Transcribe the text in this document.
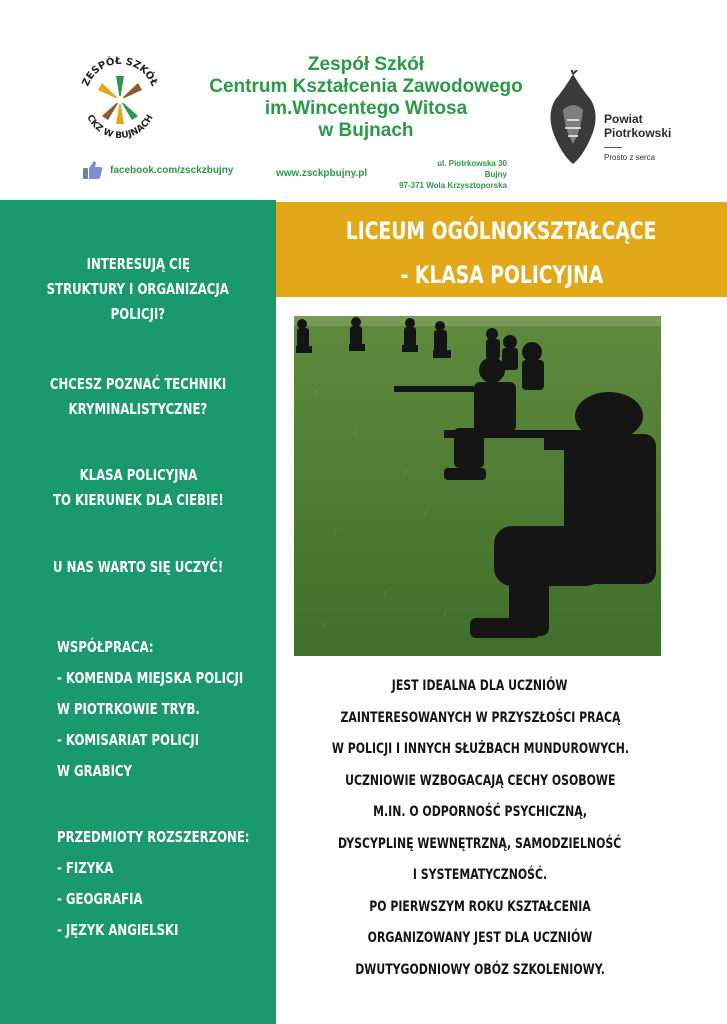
ZESPÓŁ SZKÓŁ
CKZ W BUJNACH
Zespół Szkół
Centrum Kształcenia Zawodowego
im.Wincentego Witosa
w Bujnach
facebook.com/zsckzbujny	www.zsckpbujny.pl
ul. Piotrkowska 30
Bujny
97-371 Wola Krzysztoporska
Powiat
Piotrkowski
Prosto z serca

INTERESUJĄ CIĘ

STRUKTURY I ORGANIZACJA

POLICJI?

CHCESZ POZNAĆ TECHNIKI

KRYMINALISTYCZNE?

KLASA POLICYJNA

TO KIERUNEK DLA CIEBIE!

U NAS WARTO SIĘ UCZYĆ!

WSPÓŁPRACA:

- KOMENDA MIEJSKA POLICJI

W PIOTRKOWIE TRYB.

- KOMISARIAT POLICJI

W GRABICY

PRZEDMIOTY ROZSZERZONE:

- FIZYKA

- GEOGRAFIA

- JĘZYK ANGIELSKI

LICEUM OGÓLNOKSZTAŁCĄCE

- KLASA POLICYJNA

JEST IDEALNA DLA UCZNIÓW

ZAINTERESOWANYCH W PRZYSZŁOŚCI PRACĄ

W POLICJI I INNYCH SŁUŻBACH MUNDUROWYCH.

UCZNIOWIE WZBOGACAJĄ CECHY OSOBOWE

M.IN. O ODPORNOŚĆ PSYCHICZNĄ,

DYSCYPLINĘ WEWNĘTRZNĄ, SAMODZIELNOŚĆ

I SYSTEMATYCZNOŚĆ.

PO PIERWSZYM ROKU KSZTAŁCENIA

ORGANIZOWANY JEST DLA UCZNIÓW

DWUTYGODNIOWY OBÓZ SZKOLENIOWY.
